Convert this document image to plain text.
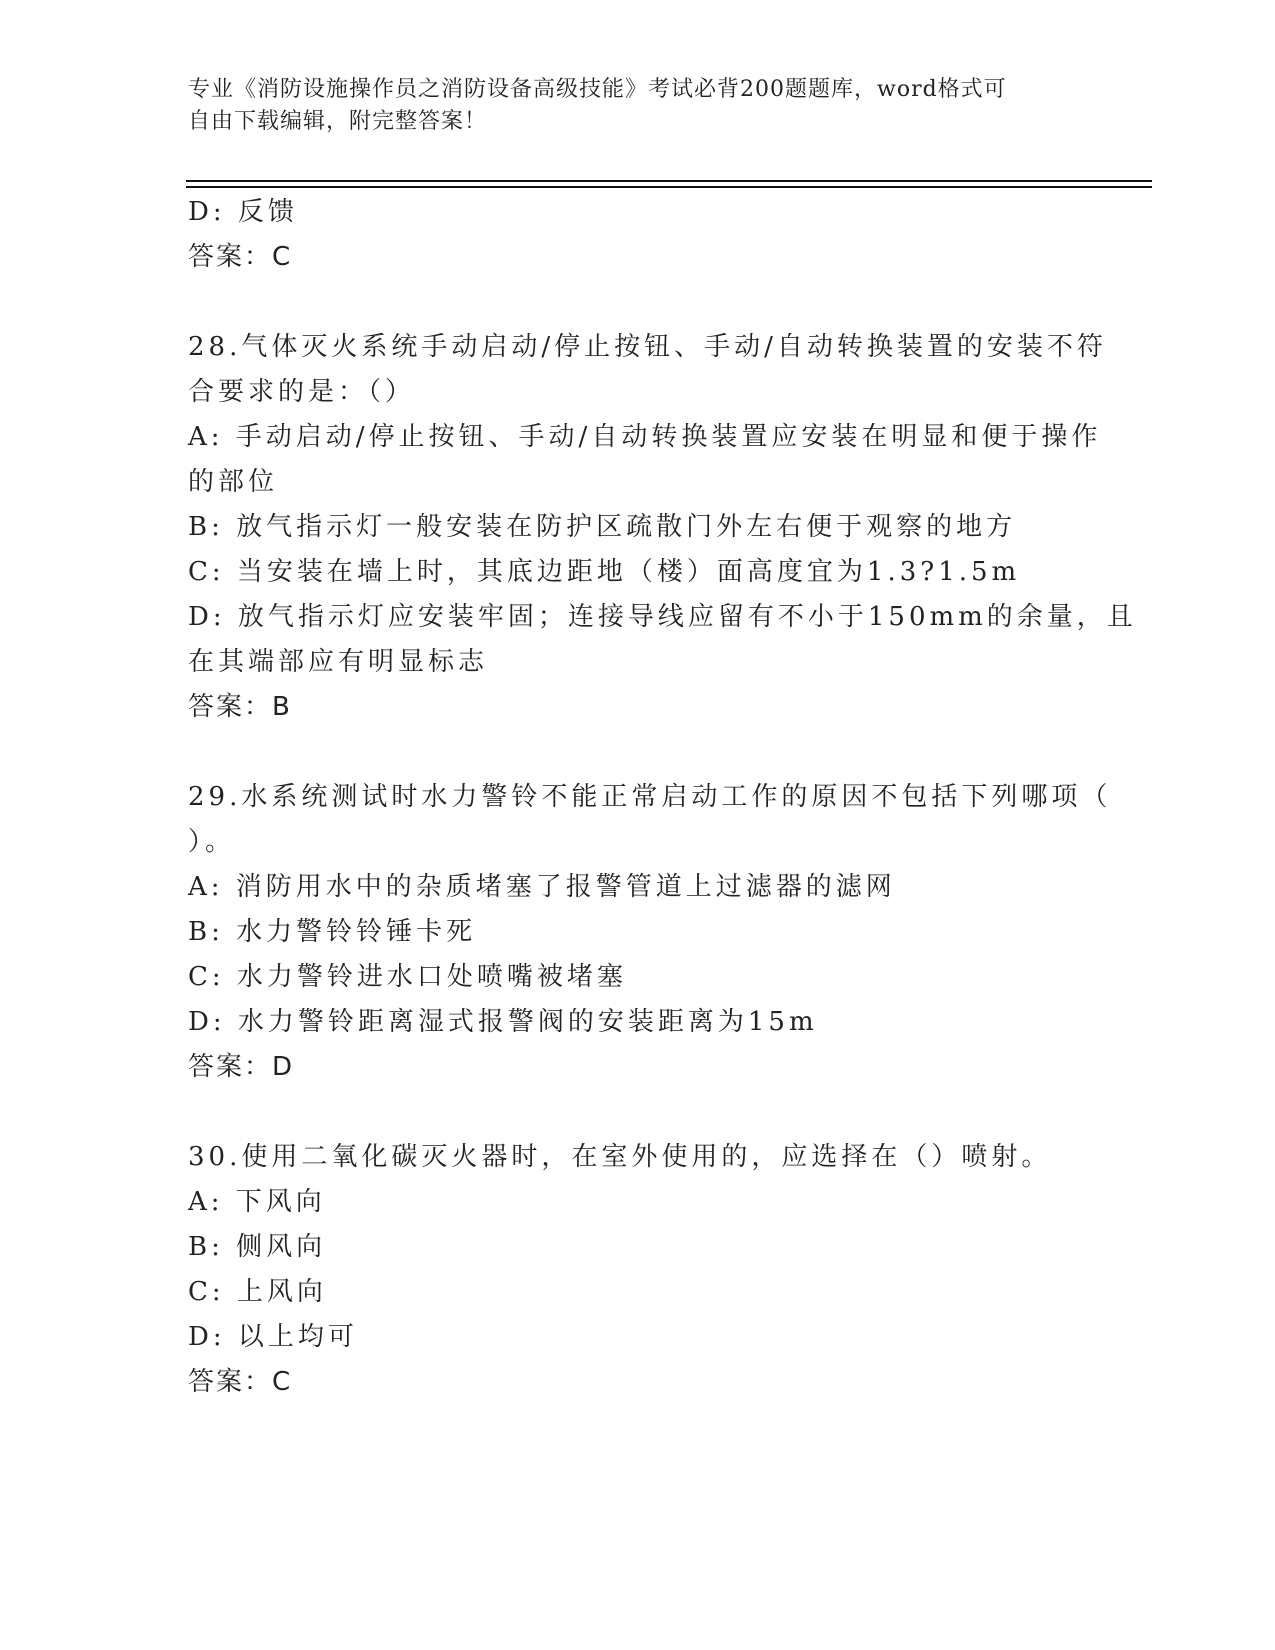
专业《消防设施操作员之消防设备高级技能》考试必背200题题库，word格式可
自由下载编辑，附完整答案！
D: 反馈
答案：C
28.气体灭火系统手动启动/停止按钮、手动/自动转换装置的安装不符
合要求的是：（）
A: 手动启动/停止按钮、手动/自动转换装置应安装在明显和便于操作
的部位
B: 放气指示灯一般安装在防护区疏散门外左右便于观察的地方
C: 当安装在墙上时，其底边距地（楼）面高度宜为1.3?1.5m
D: 放气指示灯应安装牢固；连接导线应留有不小于150mm的余量，且
在其端部应有明显标志
答案：B
29.水系统测试时水力警铃不能正常启动工作的原因不包括下列哪项（
）。
A: 消防用水中的杂质堵塞了报警管道上过滤器的滤网
B: 水力警铃铃锤卡死
C: 水力警铃进水口处喷嘴被堵塞
D: 水力警铃距离湿式报警阀的安装距离为15m
答案：D
30.使用二氧化碳灭火器时，在室外使用的，应选择在（）喷射。
A: 下风向
B: 侧风向
C: 上风向
D: 以上均可
答案：C
